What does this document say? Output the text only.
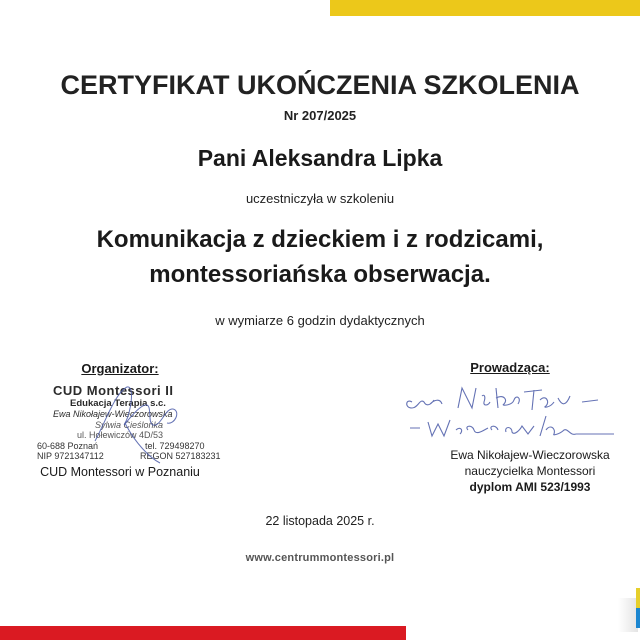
CERTYFIKAT UKOŃCZENIA SZKOLENIA
Nr 207/2025
Pani Aleksandra Lipka
uczestniczyła w szkoleniu
Komunikacja z dzieckiem i z rodzicami,
montessoriańska obserwacja.
w wymiarze 6 godzin dydaktycznych
Organizator:
CUD Montessori II
Edukacja Terapia s.c.
Ewa Nikołajew-Wieczorowska
Sylwia Cieślońka
ul. Hołewiczów 4D/53
60-688 Poznań	tel. 729498270
NIP 9721347112	REGON 527183231
CUD Montessori w Poznaniu
Prowadząca:
Ewa Nikołajew-Wieczorowska
nauczycielka Montessori
dyplom AMI 523/1993
22 listopada 2025 r.
www.centrummontessori.pl
